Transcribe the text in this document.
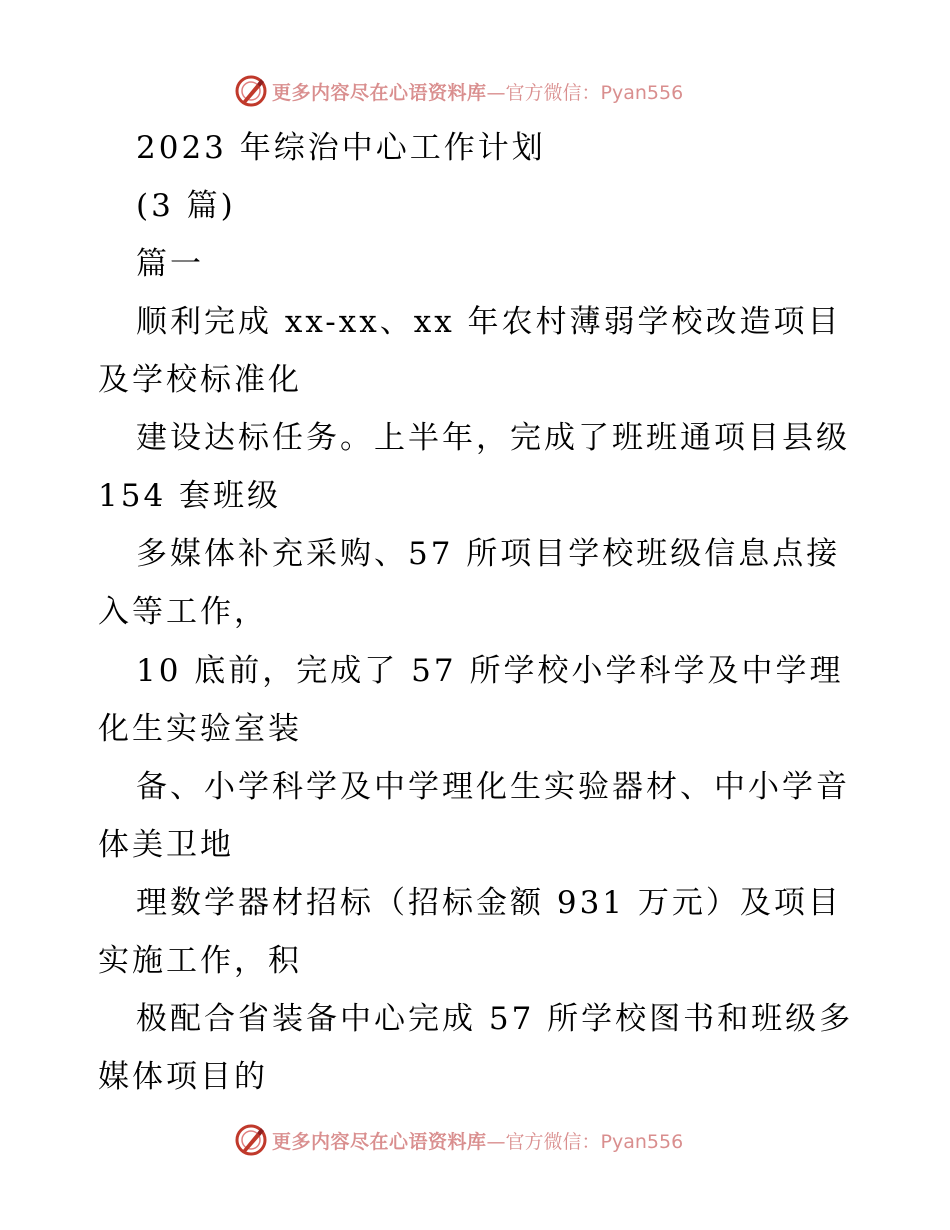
更多内容尽在心语资料库 —官方微信：Pyan556
2023 年综治中心工作计划
(3 篇)
篇一
顺利完成 xx-xx、xx 年农村薄弱学校改造项目
及学校标准化
建设达标任务。上半年，完成了班班通项目县级
154 套班级
多媒体补充采购、57 所项目学校班级信息点接
入等工作，
10 底前，完成了 57 所学校小学科学及中学理
化生实验室装
备、小学科学及中学理化生实验器材、中小学音
体美卫地
理数学器材招标（招标金额 931 万元）及项目
实施工作，积
极配合省装备中心完成 57 所学校图书和班级多
媒体项目的
更多内容尽在心语资料库 —官方微信：Pyan556
